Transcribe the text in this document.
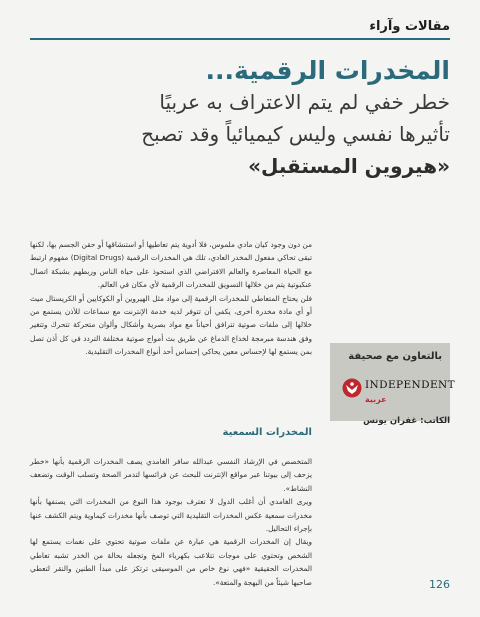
مقالات وآراء
المخدرات الرقمية...
خطر خفي لم يتم الاعتراف به عربيًا
تأثيرها نفسي وليس كيميائياً وقد تصبح
«هيروين المستقبل»

من دون وجود كيان مادي ملموس، فلا أدوية يتم تعاطيها أو استنشاقها أو حقن الجسم بها، لكنها تبقى تحاكي مفعول المخدر العادي، تلك هي المخدرات الرقمية (Digital Drugs) مفهوم ارتبط مع الحياة المعاصرة والعالم الافتراضي الذي استحوذ على حياة الناس وربطهم بشبكة اتصال عنكبوتية يتم من خلالها التسويق للمخدرات الرقمية لأي مكان في العالم.

فلن يحتاج المتعاطي للمخدرات الرقمية إلى مواد مثل الهيروين أو الكوكايين أو الكريستال ميث أو أي مادة مخدرة أخرى، يكفي أن تتوفر لديه خدمة الإنترنت مع سماعات للأذن يستمع من خلالها إلى ملفات صوتية تترافق أحياناً مع مواد بصرية وأشكال وألوان متحركة تتحرك وتتغير وفق هندسة مبرمجة لخداع الدماغ عن طريق بث أمواج صوتية مختلفة التردد في كل أذن تصل بمن يستمع لها لإحساس معين يحاكي إحساس أحد أنواع المخدرات التقليدية.

المخدرات السمعية

المتخصص في الإرشاد النفسي عبدالله سافر الغامدي يصف المخدرات الرقمية بأنها «خطر يزحف إلى بيوتنا عبر مواقع الإنترنت للبحث عن فرائسها لتدمر الصحة وتسلب الوقت وتضعف النشاط».

ويرى الغامدي أن أغلب الدول لا تعترف بوجود هذا النوع من المخدرات التي يصنفها بأنها مخدرات سمعية عكس المخدرات التقليدية التي توصف بأنها مخدرات كيماوية ويتم الكشف عنها بإجراء التحاليل.

ويقال إن المخدرات الرقمية هي عبارة عن ملفات صوتية تحتوي على نغمات يستمع لها الشخص وتحتوي على موجات تتلاعب بكهرباء المخ وتجعله بحالة من الخدر تشبه تعاطي المخدرات الحقيقية «فهي نوع خاص من الموسيقى ترتكز على مبدأ الطنين والنقر لتعطي صاحبها شيئاً من البهجة والمتعة».

بالتعاون مع صحيفة
INDEPENDENT
عربية
الكاتب: غفران يونس
126
